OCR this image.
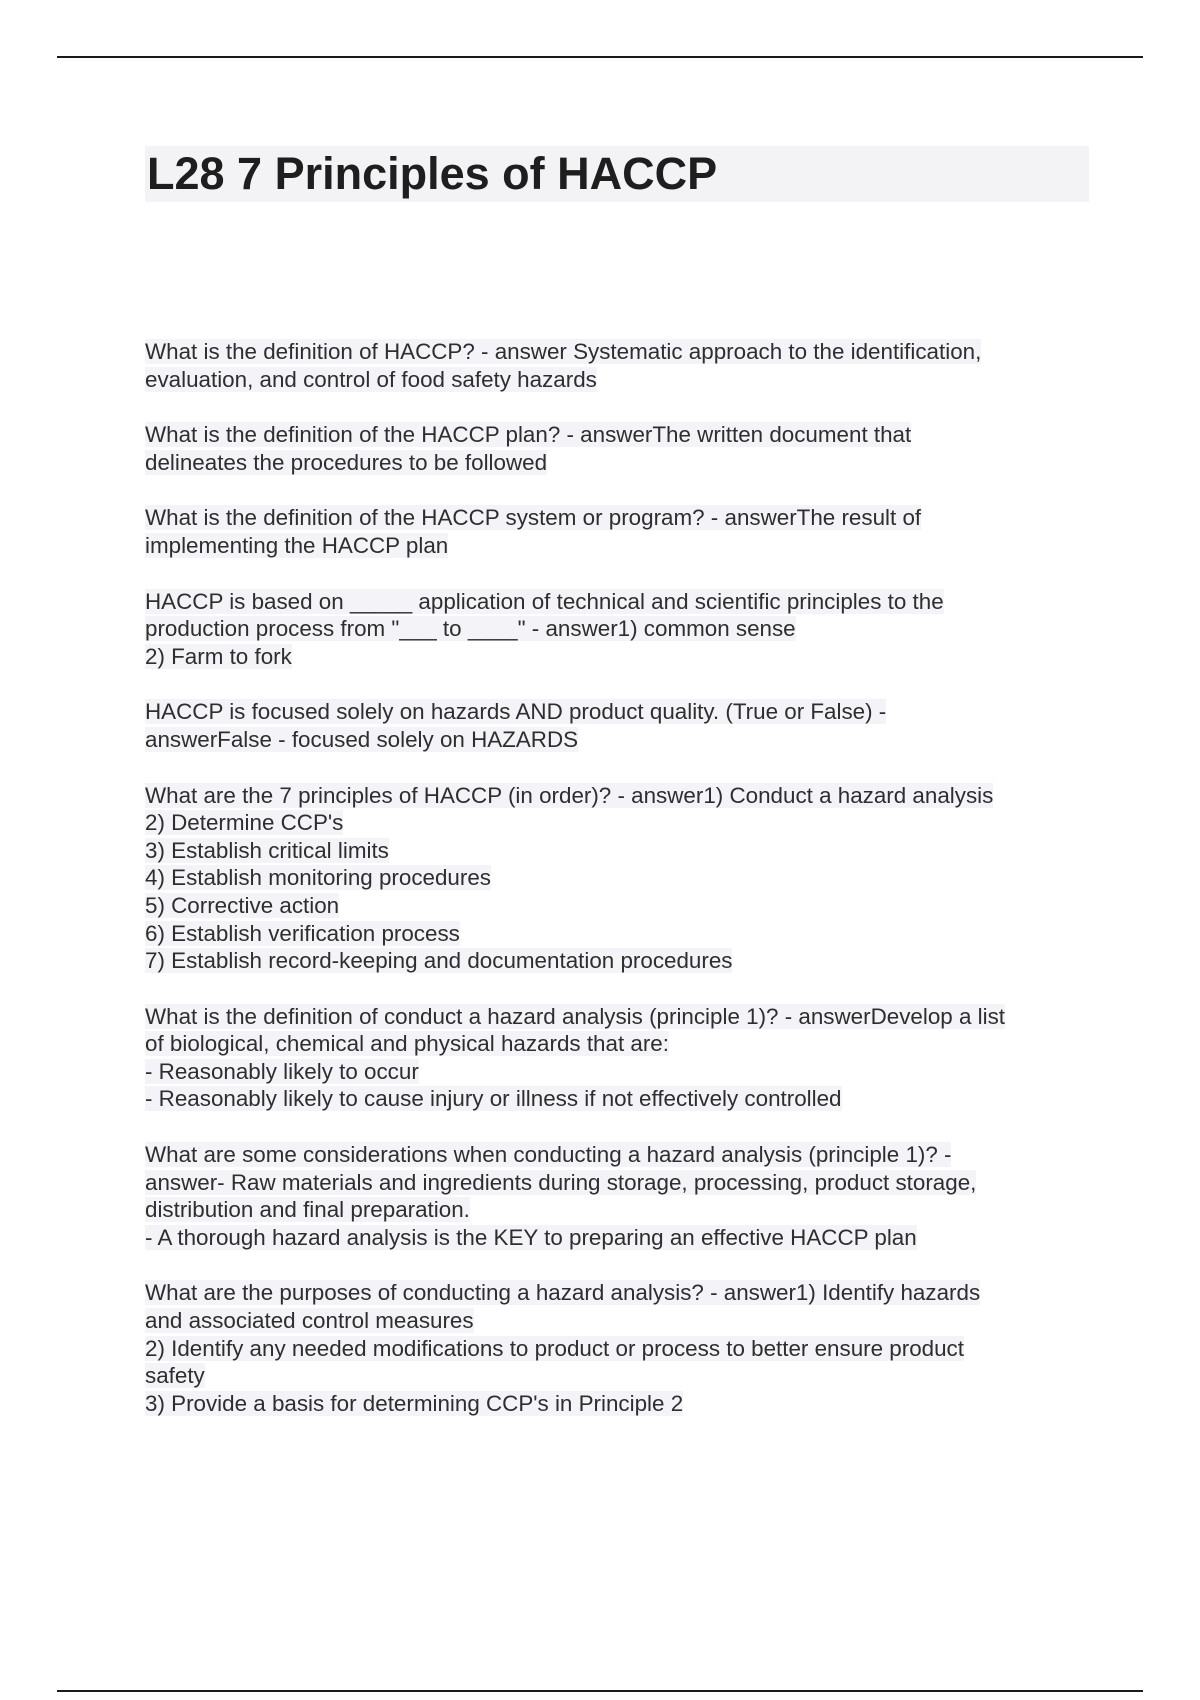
L28 7 Principles of HACCP

What is the definition of HACCP? - answer Systematic approach to the identification,

evaluation, and control of food safety hazards

What is the definition of the HACCP plan? - answerThe written document that

delineates the procedures to be followed

What is the definition of the HACCP system or program? - answerThe result of

implementing the HACCP plan

HACCP is based on _____ application of technical and scientific principles to the

production process from "___ to ____" - answer1) common sense

2) Farm to fork

HACCP is focused solely on hazards AND product quality. (True or False) -

answerFalse - focused solely on HAZARDS

What are the 7 principles of HACCP (in order)? - answer1) Conduct a hazard analysis

2) Determine CCP's

3) Establish critical limits

4) Establish monitoring procedures

5) Corrective action

6) Establish verification process

7) Establish record-keeping and documentation procedures

What is the definition of conduct a hazard analysis (principle 1)? - answerDevelop a list

of biological, chemical and physical hazards that are:

- Reasonably likely to occur

- Reasonably likely to cause injury or illness if not effectively controlled

What are some considerations when conducting a hazard analysis (principle 1)? -

answer- Raw materials and ingredients during storage, processing, product storage,

distribution and final preparation.

- A thorough hazard analysis is the KEY to preparing an effective HACCP plan

What are the purposes of conducting a hazard analysis? - answer1) Identify hazards

and associated control measures

2) Identify any needed modifications to product or process to better ensure product

safety

3) Provide a basis for determining CCP's in Principle 2
